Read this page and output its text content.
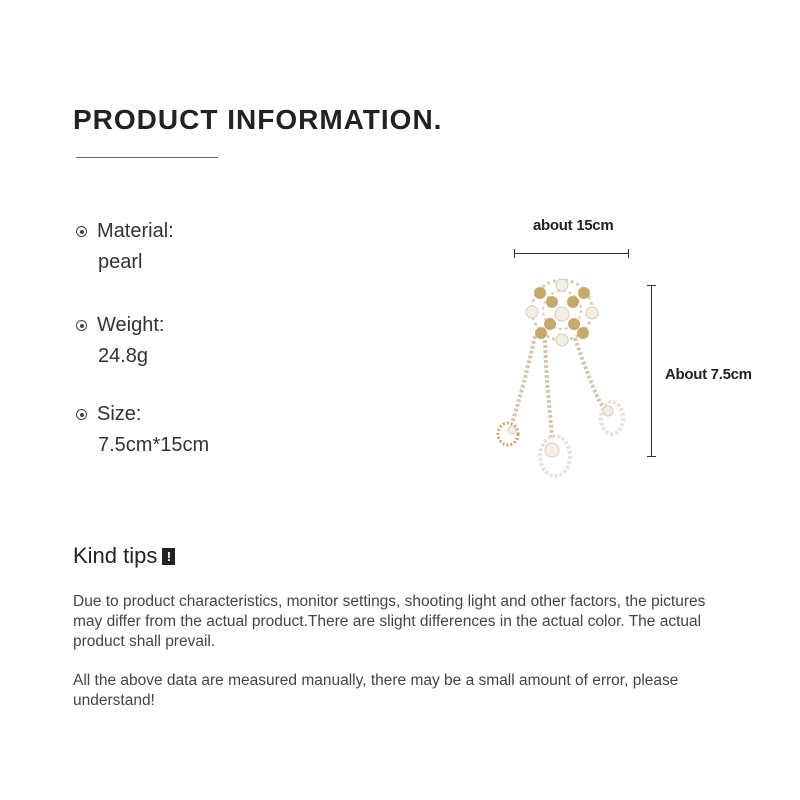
PRODUCT INFORMATION.
Material:
pearl
Weight:
24.8g
Size:
7.5cm*15cm
about 15cm
About 7.5cm
Kind tips !
Due to product characteristics, monitor settings, shooting light and other factors, the pictures may differ from the actual product.There are slight differences in the actual color. The actual product shall prevail.
All the above data are measured manually, there may be a small amount of error, please understand!
